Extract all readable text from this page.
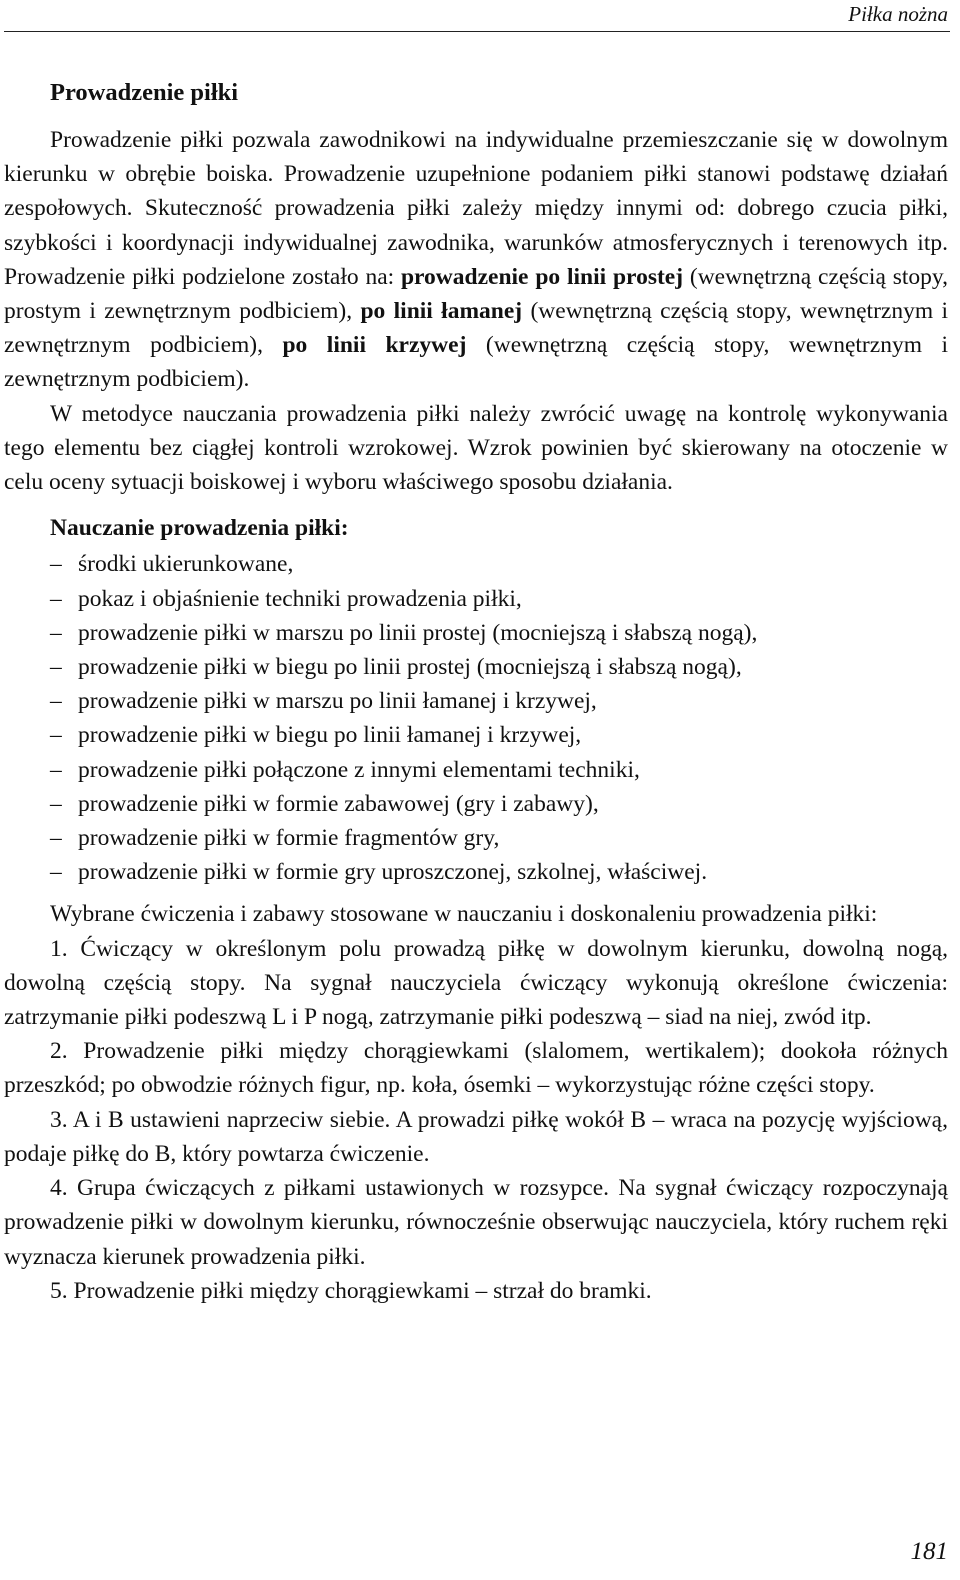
Piłka nożna
Prowadzenie piłki

Prowadzenie piłki pozwala zawodnikowi na indywidualne przemieszczanie się w dowolnym kierunku w obrębie boiska. Prowadzenie uzupełnione podaniem piłki stanowi podstawę działań zespołowych. Skuteczność prowadzenia piłki zależy między innymi od: dobrego czucia piłki, szybkości i koordynacji indywidualnej zawodnika, warunków atmosferycznych i terenowych itp. Prowadzenie piłki podzielone zostało na: prowadzenie po linii prostej (wewnętrzną częścią stopy, prostym i zewnętrznym podbiciem), po linii łamanej (wewnętrzną częścią stopy, wewnętrznym i zewnętrznym podbiciem), po linii krzywej (wewnętrzną częścią stopy, wewnętrznym i zewnętrznym podbiciem).

W metodyce nauczania prowadzenia piłki należy zwrócić uwagę na kontrolę wykonywania tego elementu bez ciągłej kontroli wzrokowej. Wzrok powinien być skierowany na otoczenie w celu oceny sytuacji boiskowej i wyboru właściwego sposobu działania.

Nauczanie prowadzenia piłki:
– środki ukierunkowane,
– pokaz i objaśnienie techniki prowadzenia piłki,
– prowadzenie piłki w marszu po linii prostej (mocniejszą i słabszą nogą),
– prowadzenie piłki w biegu po linii prostej (mocniejszą i słabszą nogą),
– prowadzenie piłki w marszu po linii łamanej i krzywej,
– prowadzenie piłki w biegu po linii łamanej i krzywej,
– prowadzenie piłki połączone z innymi elementami techniki,
– prowadzenie piłki w formie zabawowej (gry i zabawy),
– prowadzenie piłki w formie fragmentów gry,
– prowadzenie piłki w formie gry uproszczonej, szkolnej, właściwej.

Wybrane ćwiczenia i zabawy stosowane w nauczaniu i doskonaleniu prowadzenia piłki:

1. Ćwiczący w określonym polu prowadzą piłkę w dowolnym kierunku, dowolną nogą, dowolną częścią stopy. Na sygnał nauczyciela ćwiczący wykonują określone ćwiczenia: zatrzymanie piłki podeszwą L i P nogą, zatrzymanie piłki podeszwą – siad na niej, zwód itp.

2. Prowadzenie piłki między chorągiewkami (slalomem, wertikalem); dookoła różnych przeszkód; po obwodzie różnych figur, np. koła, ósemki – wykorzystując różne części stopy.

3. A i B ustawieni naprzeciw siebie. A prowadzi piłkę wokół B – wraca na pozycję wyjściową, podaje piłkę do B, który powtarza ćwiczenie.

4. Grupa ćwiczących z piłkami ustawionych w rozsypce. Na sygnał ćwiczący rozpoczynają prowadzenie piłki w dowolnym kierunku, równocześnie obserwując nauczyciela, który ruchem ręki wyznacza kierunek prowadzenia piłki.

5. Prowadzenie piłki między chorągiewkami – strzał do bramki.

181
